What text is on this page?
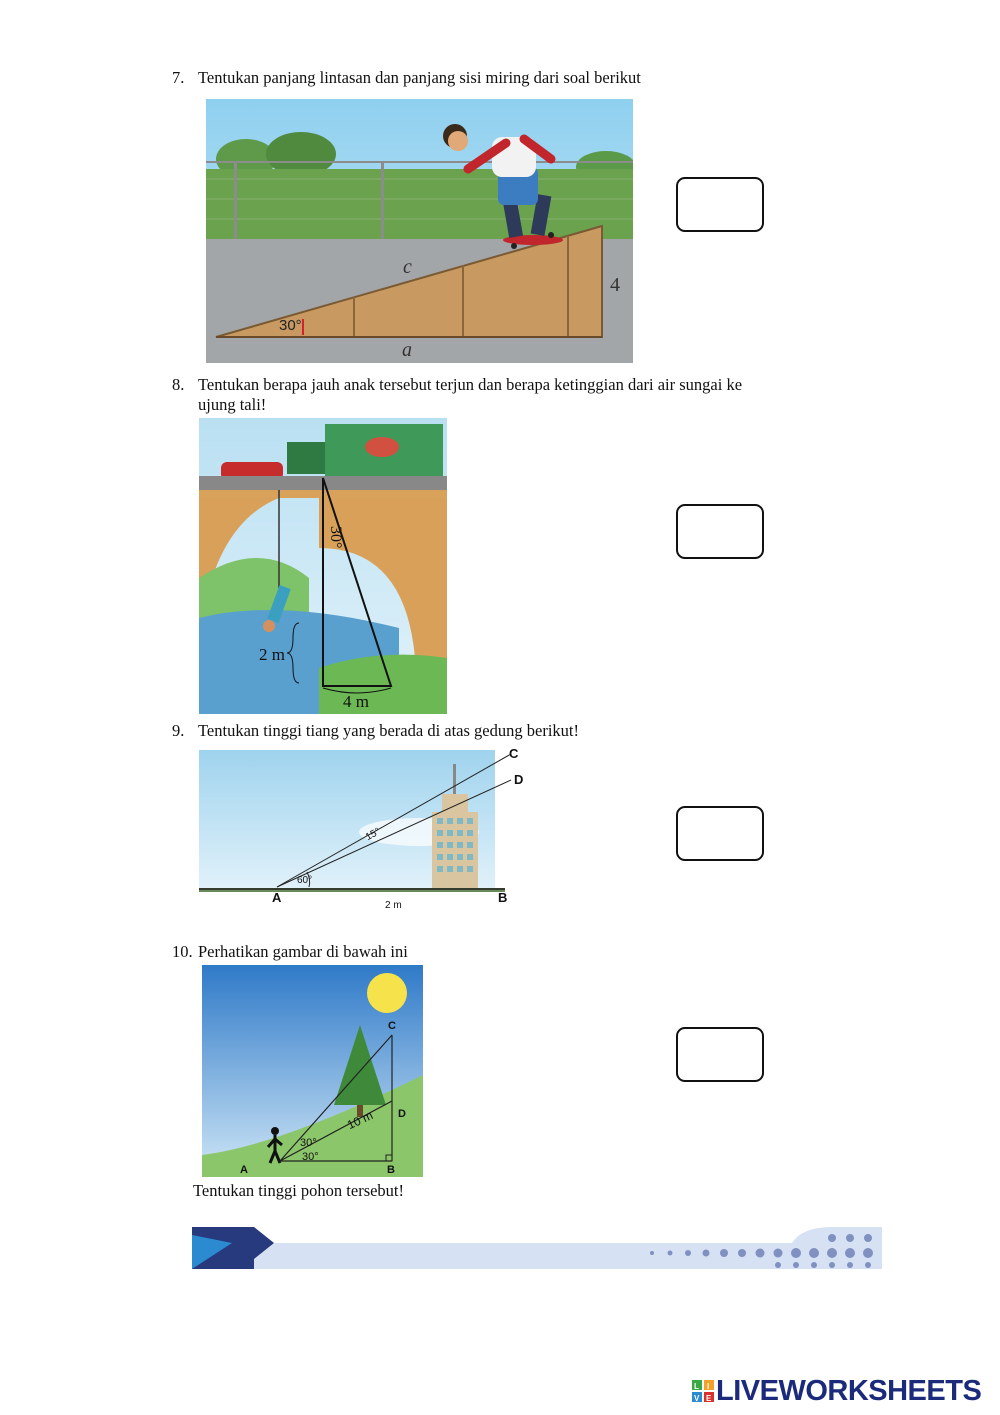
7. Tentukan panjang lintasan dan panjang sisi miring dari soal berikut
c
a
4
30°
8. Tentukan berapa jauh anak tersebut terjun dan berapa ketinggian dari air sungai ke
ujung tali!
30°
2 m
4 m
9. Tentukan tinggi tiang yang berada di atas gedung berikut!
60°
15°
A	B
C
D
2 m
10. Perhatikan gambar di bawah ini
30°
30°
10 m
A	B
C
D
Tentukan tinggi pohon tersebut!
L I
V E LIVEWORKSHEETS
